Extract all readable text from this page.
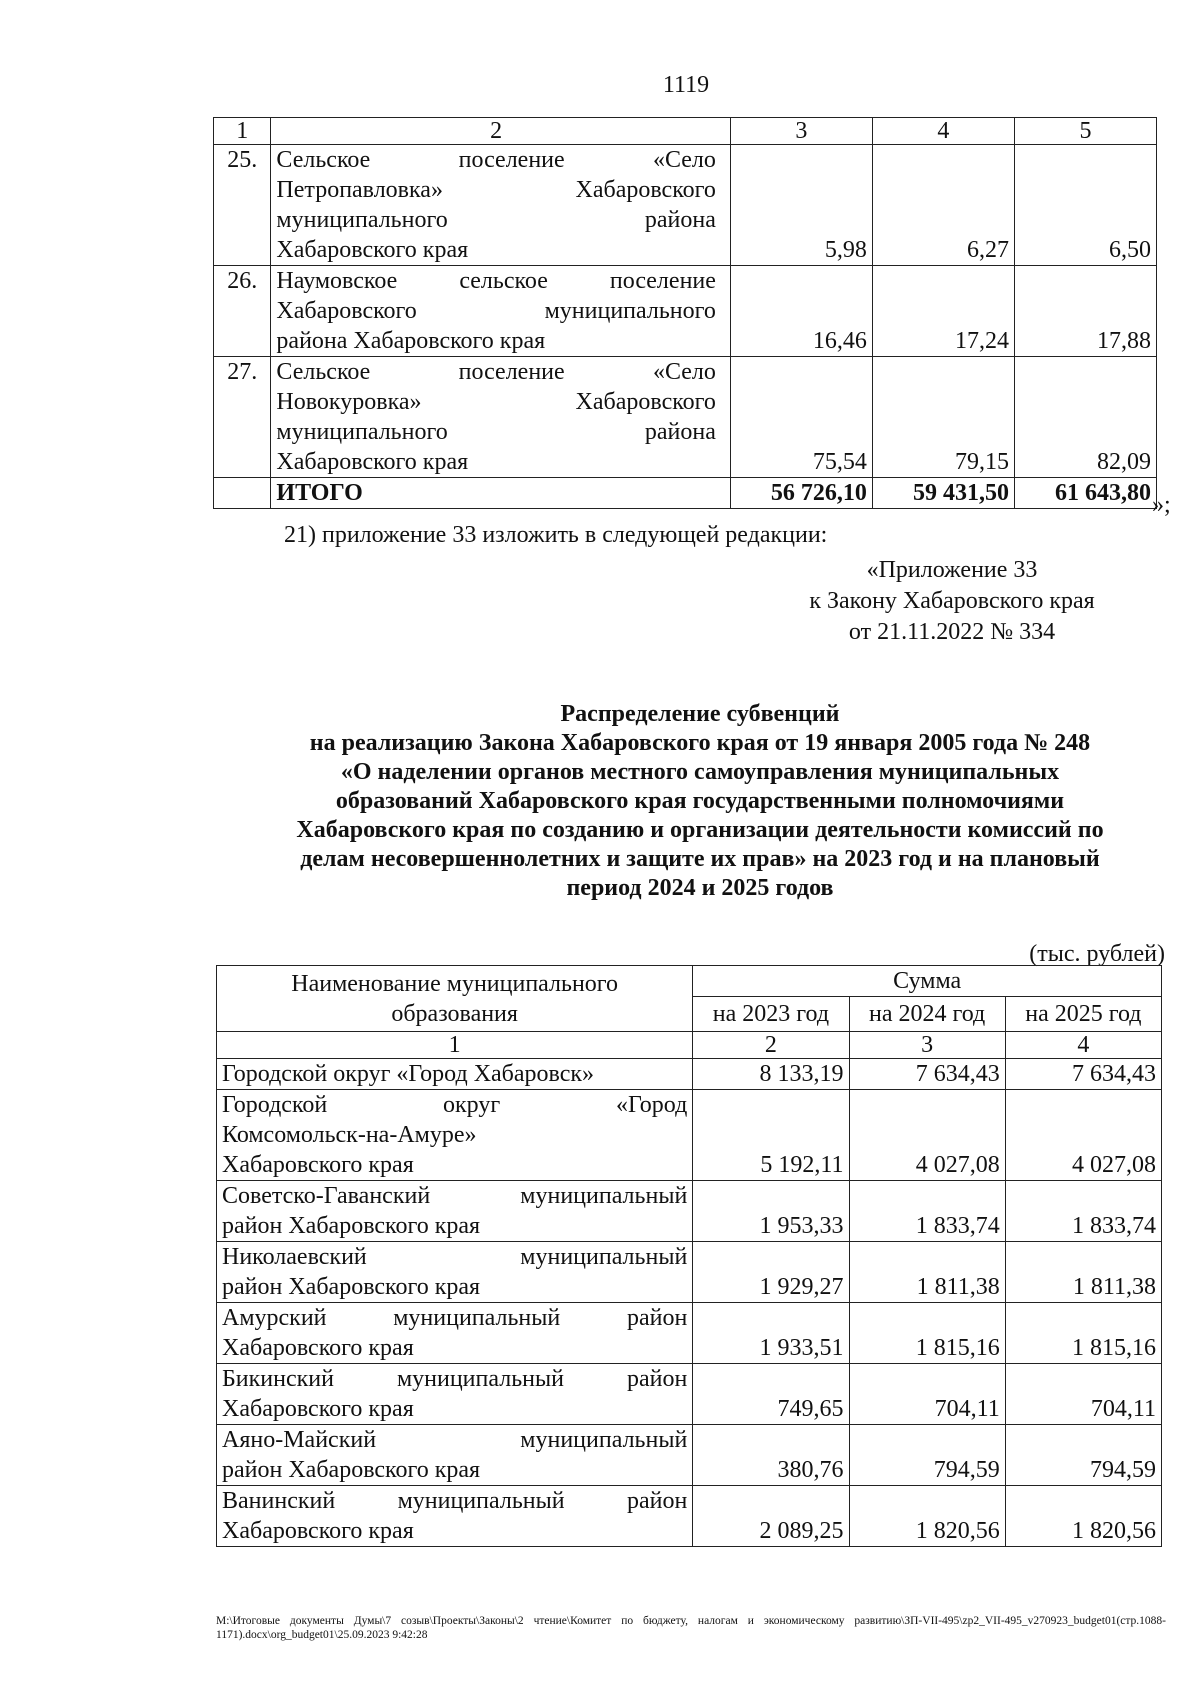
1119
1	2	3	4	5
25.	Сельское поселение «Село
Петропавловка» Хабаровского
муниципального района
Хабаровского края	5,98	6,27	6,50
26.	Наумовское сельское поселение
Хабаровского муниципального
района Хабаровского края	16,46	17,24	17,88
27.	Сельское поселение «Село
Новокуровка» Хабаровского
муниципального района
Хабаровского края	75,54	79,15	82,09
	ИТОГО	56 726,10	59 431,50	61 643,80 »;
21) приложение 33 изложить в следующей редакции:
«Приложение 33
к Закону Хабаровского края
от 21.11.2022 № 334
Распределение субвенций
на реализацию Закона Хабаровского края от 19 января 2005 года № 248
«О наделении органов местного самоуправления муниципальных
образований Хабаровского края государственными полномочиями
Хабаровского края по созданию и организации деятельности комиссий по
делам несовершеннолетних и защите их прав» на 2023 год и на плановый
период 2024 и 2025 годов
(тыс. рублей)
Наименование муниципального образования	Сумма		
	на 2023 год	на 2024 год	на 2025 год
1	2	3	4
Городской округ «Город Хабаровск»	8 133,19	7 634,43	7 634,43

Городской округ «Город
Комсомольск-на-Амуре»
Хабаровского края	5 192,11	4 027,08	4 027,08

Советско-Гаванский муниципальный
район Хабаровского края	1 953,33	1 833,74	1 833,74

Николаевский муниципальный
район Хабаровского края	1 929,27	1 811,38	1 811,38

Амурский муниципальный район
Хабаровского края	1 933,51	1 815,16	1 815,16

Бикинский муниципальный район
Хабаровского края	749,65	704,11	704,11

Аяно-Майский муниципальный
район Хабаровского края	380,76	794,59	794,59

Ванинский муниципальный район
Хабаровского края	2 089,25	1 820,56	1 820,56
M:\Итоговые документы Думы\7 созыв\Проекты\Законы\2 чтение\Комитет по бюджету, налогам и экономическому развитию\ЗП-VII-495\zp2_VII-495_v270923_budget01(стр.1088-1171).docx\org_budget01\25.09.2023 9:42:28
